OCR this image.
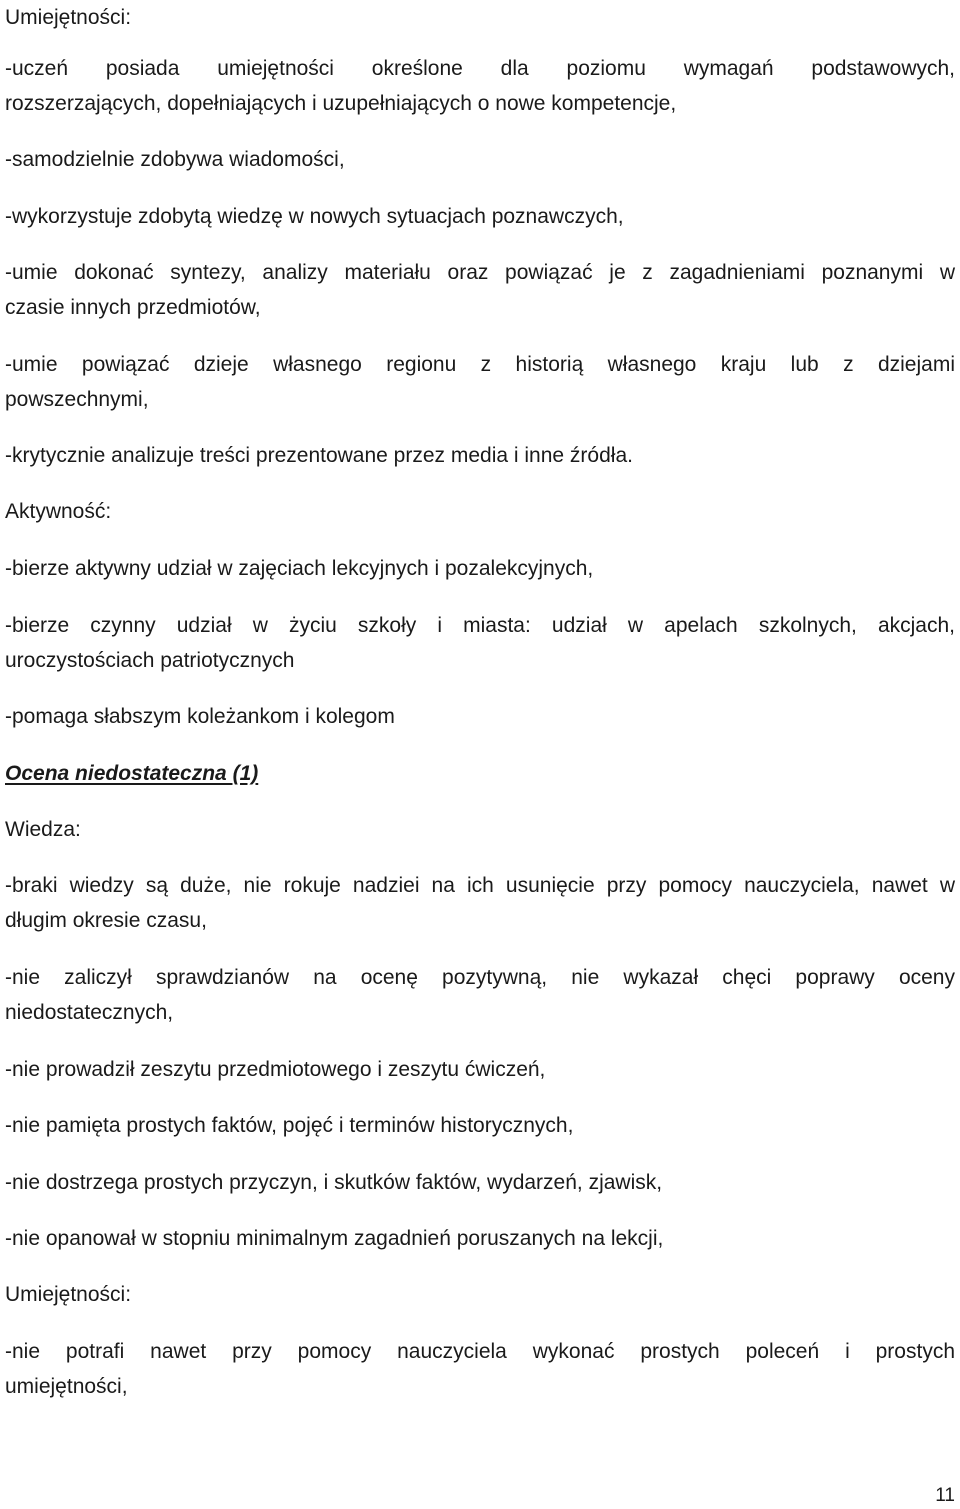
Umiejętności:

-uczeń posiada umiejętności określone dla poziomu wymagań podstawowych,

rozszerzających, dopełniających i uzupełniających o nowe kompetencje,

-samodzielnie zdobywa wiadomości,

-wykorzystuje zdobytą wiedzę w nowych sytuacjach poznawczych,

-umie dokonać syntezy, analizy materiału oraz powiązać je z zagadnieniami poznanymi w

czasie innych przedmiotów,

-umie powiązać dzieje własnego regionu z historią własnego kraju lub z dziejami

powszechnymi,

-krytycznie analizuje treści prezentowane przez media i inne źródła.

Aktywność:

-bierze aktywny udział w zajęciach lekcyjnych i pozalekcyjnych,

-bierze czynny udział w życiu szkoły i miasta: udział w apelach szkolnych, akcjach,

uroczystościach patriotycznych

-pomaga słabszym koleżankom i kolegom

Ocena niedostateczna (1)

Wiedza:

-braki wiedzy są duże, nie rokuje nadziei na ich usunięcie przy pomocy nauczyciela, nawet w

długim okresie czasu,

-nie zaliczył sprawdzianów na ocenę pozytywną, nie wykazał chęci poprawy oceny

niedostatecznych,

-nie prowadził zeszytu przedmiotowego i zeszytu ćwiczeń,

-nie pamięta prostych faktów, pojęć i terminów historycznych,

-nie dostrzega prostych przyczyn, i skutków faktów, wydarzeń, zjawisk,

-nie opanował w stopniu minimalnym zagadnień poruszanych na lekcji,

Umiejętności:

-nie potrafi nawet przy pomocy nauczyciela wykonać prostych poleceń i prostych

umiejętności,

11
